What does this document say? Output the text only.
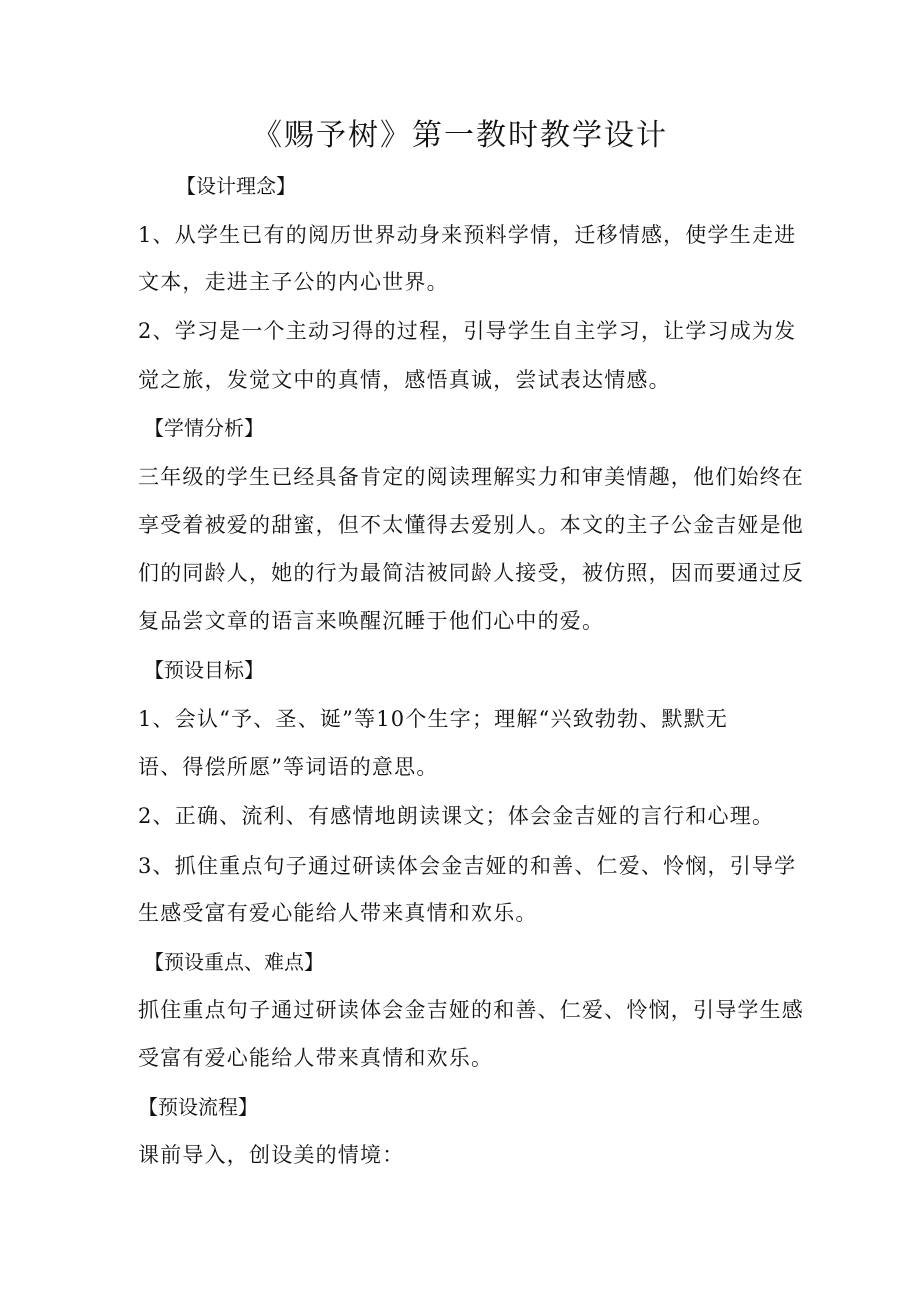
《赐予树》第一教时教学设计
【设计理念】
1、从学生已有的阅历世界动身来预料学情，迁移情感，使学生走进
文本，走进主子公的内心世界。
2、学习是一个主动习得的过程，引导学生自主学习，让学习成为发
觉之旅，发觉文中的真情，感悟真诚，尝试表达情感。
【学情分析】
三年级的学生已经具备肯定的阅读理解实力和审美情趣，他们始终在
享受着被爱的甜蜜，但不太懂得去爱别人。本文的主子公金吉娅是他
们的同龄人，她的行为最简洁被同龄人接受，被仿照，因而要通过反
复品尝文章的语言来唤醒沉睡于他们心中的爱。
【预设目标】
1、会认“予、圣、诞”等10个生字；理解“兴致勃勃、默默无
语、得偿所愿”等词语的意思。
2、正确、流利、有感情地朗读课文；体会金吉娅的言行和心理。
3、抓住重点句子通过研读体会金吉娅的和善、仁爱、怜悯，引导学
生感受富有爱心能给人带来真情和欢乐。
【预设重点、难点】
抓住重点句子通过研读体会金吉娅的和善、仁爱、怜悯，引导学生感
受富有爱心能给人带来真情和欢乐。
【预设流程】
课前导入，创设美的情境：
